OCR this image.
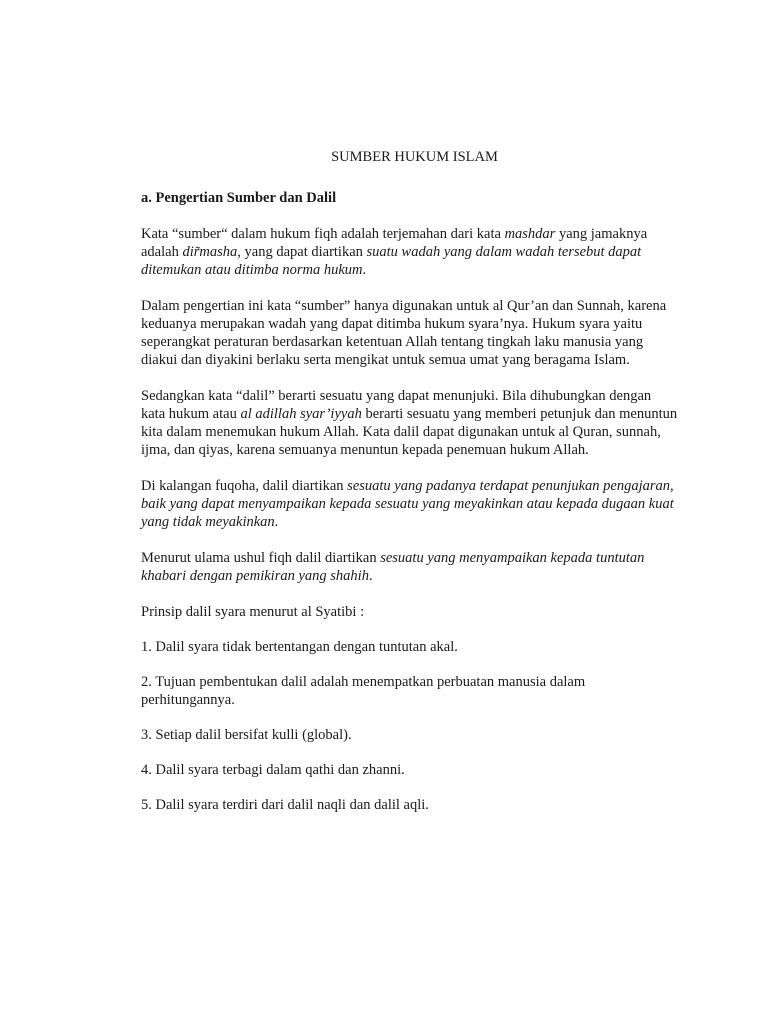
SUMBER HUKUM ISLAM
a. Pengertian Sumber dan Dalil

Kata “sumber“ dalam hukum fiqh adalah terjemahan dari kata mashdar yang jamaknya adalah dir̃masha, yang dapat diartikan suatu wadah yang dalam wadah tersebut dapat ditemukan atau ditimba norma hukum.

Dalam pengertian ini kata “sumber” hanya digunakan untuk al Qur’an dan Sunnah, karena keduanya merupakan wadah yang dapat ditimba hukum syara’nya. Hukum syara yaitu seperangkat peraturan berdasarkan ketentuan Allah tentang tingkah laku manusia yang diakui dan diyakini berlaku serta mengikat untuk semua umat yang beragama Islam.

Sedangkan kata “dalil” berarti sesuatu yang dapat menunjuki. Bila dihubungkan dengan kata hukum atau al adillah syar’iyyah berarti sesuatu yang memberi petunjuk dan menuntun kita dalam menemukan hukum Allah. Kata dalil dapat digunakan untuk al Quran, sunnah, ijma, dan qiyas, karena semuanya menuntun kepada penemuan hukum Allah.

Di kalangan fuqoha, dalil diartikan sesuatu yang padanya terdapat penunjukan pengajaran, baik yang dapat menyampaikan kepada sesuatu yang meyakinkan atau kepada dugaan kuat yang tidak meyakinkan.

Menurut ulama ushul fiqh dalil diartikan sesuatu yang menyampaikan kepada tuntutan khabari dengan pemikiran yang shahih.

Prinsip dalil syara menurut al Syatibi :

1. Dalil syara tidak bertentangan dengan tuntutan akal.

2. Tujuan pembentukan dalil adalah menempatkan perbuatan manusia dalam perhitungannya.

3. Setiap dalil bersifat kulli (global).

4. Dalil syara terbagi dalam qathi dan zhanni.

5. Dalil syara terdiri dari dalil naqli dan dalil aqli.
